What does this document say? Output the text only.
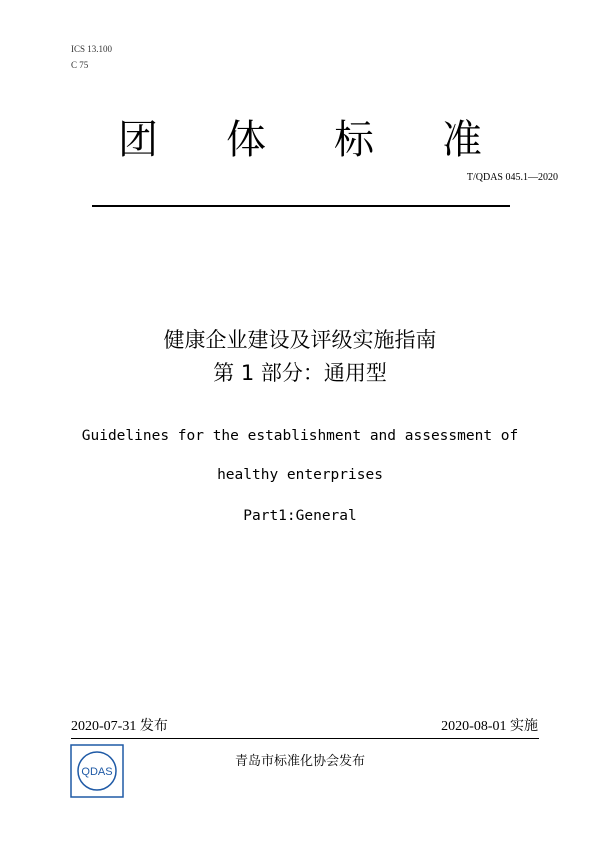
ICS 13.100
C 75
团 体 标 准
T/QDAS 045.1—2020
健康企业建设及评级实施指南
第 1 部分：通用型
Guidelines for the establishment and assessment of
healthy enterprises
Part1:General
2020-07-31 发布	2020-08-01 实施
QDAS
青岛市标准化协会发布
